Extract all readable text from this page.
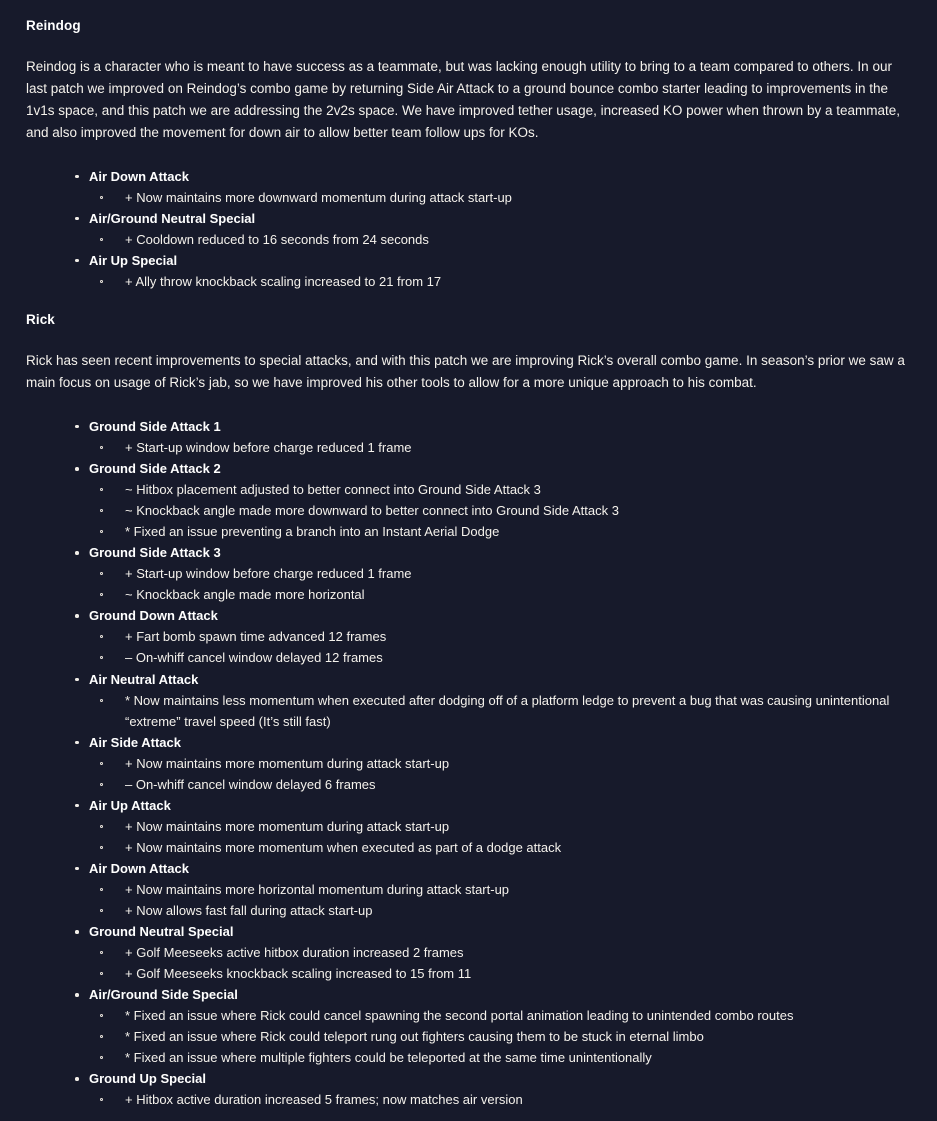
Reindog

Reindog is a character who is meant to have success as a teammate, but was lacking enough utility to bring to a team compared to others. In our last patch we improved on Reindog’s combo game by returning Side Air Attack to a ground bounce combo starter leading to improvements in the 1v1s space, and this patch we are addressing the 2v2s space. We have improved tether usage, increased KO power when thrown by a teammate, and also improved the movement for down air to allow better team follow ups for KOs.

Air Down Attack
+ Now maintains more downward momentum during attack start-up
Air/Ground Neutral Special
+ Cooldown reduced to 16 seconds from 24 seconds
Air Up Special
+ Ally throw knockback scaling increased to 21 from 17
Rick

Rick has seen recent improvements to special attacks, and with this patch we are improving Rick’s overall combo game. In season’s prior we saw a main focus on usage of Rick’s jab, so we have improved his other tools to allow for a more unique approach to his combat.

Ground Side Attack 1
+ Start-up window before charge reduced 1 frame
Ground Side Attack 2
~ Hitbox placement adjusted to better connect into Ground Side Attack 3
~ Knockback angle made more downward to better connect into Ground Side Attack 3
* Fixed an issue preventing a branch into an Instant Aerial Dodge
Ground Side Attack 3
+ Start-up window before charge reduced 1 frame
~ Knockback angle made more horizontal
Ground Down Attack
+ Fart bomb spawn time advanced 12 frames
– On-whiff cancel window delayed 12 frames
Air Neutral Attack
* Now maintains less momentum when executed after dodging off of a platform ledge to prevent a bug that was causing unintentional “extreme” travel speed (It’s still fast)
Air Side Attack
+ Now maintains more momentum during attack start-up
– On-whiff cancel window delayed 6 frames
Air Up Attack
+ Now maintains more momentum during attack start-up
+ Now maintains more momentum when executed as part of a dodge attack
Air Down Attack
+ Now maintains more horizontal momentum during attack start-up
+ Now allows fast fall during attack start-up
Ground Neutral Special
+ Golf Meeseeks active hitbox duration increased 2 frames
+ Golf Meeseeks knockback scaling increased to 15 from 11
Air/Ground Side Special
* Fixed an issue where Rick could cancel spawning the second portal animation leading to unintended combo routes
* Fixed an issue where Rick could teleport rung out fighters causing them to be stuck in eternal limbo
* Fixed an issue where multiple fighters could be teleported at the same time unintentionally
Ground Up Special
+ Hitbox active duration increased 5 frames; now matches air version
